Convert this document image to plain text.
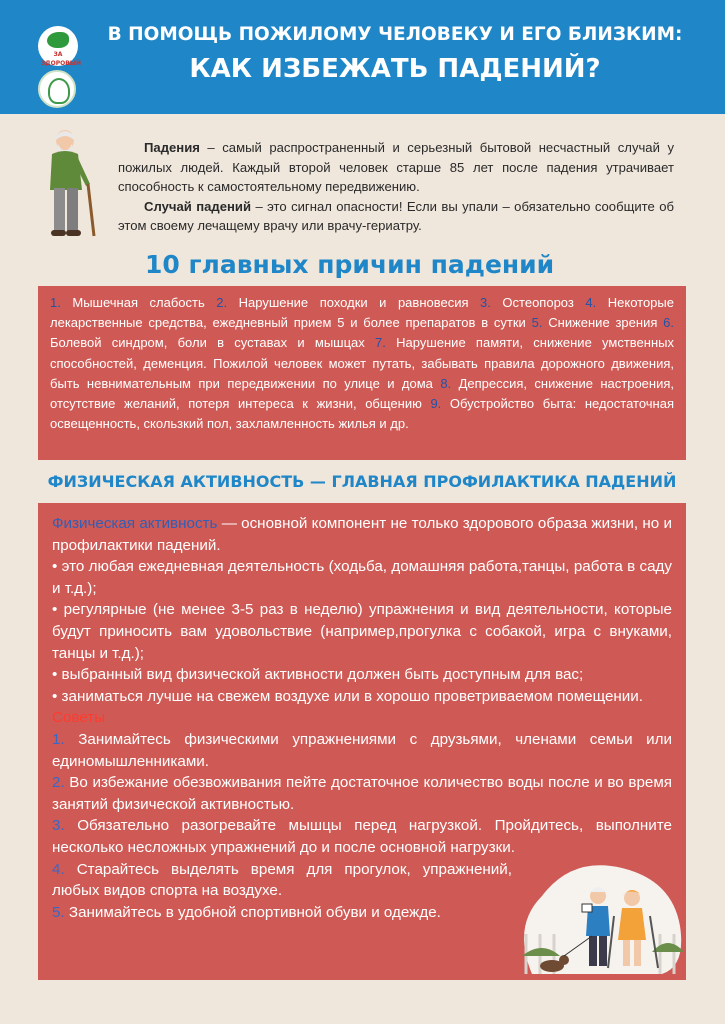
ЗА ЗДОРОВЫЙ
В ПОМОЩЬ ПОЖИЛОМУ ЧЕЛОВЕКУ И ЕГО БЛИЗКИМ:
КАК ИЗБЕЖАТЬ ПАДЕНИЙ?

Падения – самый распространенный и серьезный бытовой несчастный случай у пожилых людей. Каждый второй человек старше 85 лет после падения утрачивает способность к самостоятельному передвижению.

Случай падений – это сигнал опасности! Если вы упали – обязательно сообщите об этом своему лечащему врачу или врачу-гериатру.

10 главных причин падений
1. Мышечная слабость 2. Нарушение походки и равновесия 3. Остеопороз 4. Некоторые лекарственные средства, ежедневный прием 5 и более препаратов в сутки 5. Снижение зрения 6. Болевой синдром, боли в суставах и мышцах 7. Нарушение памяти, снижение умственных способностей, деменция. Пожилой человек может путать, забывать правила дорожного движения, быть невнимательным при передвижении по улице и дома 8. Депрессия, снижение настроения, отсутствие желаний, потеря интереса к жизни, общению 9. Обустройство быта: недостаточная освещенность, скользкий пол, захламленность жилья и др.
ФИЗИЧЕСКАЯ АКТИВНОСТЬ — ГЛАВНАЯ ПРОФИЛАКТИКА ПАДЕНИЙ
Физическая активность — основной компонент не только здорового образа жизни, но и профилактики падений.
• это любая ежедневная деятельность (ходьба, домашняя работа,танцы, работа в саду и т.д.);
• регулярные (не менее 3-5 раз в неделю) упражнения и вид деятельности, которые будут приносить вам удовольствие (например,прогулка с собакой, игра с внуками, танцы и т.д.);
• выбранный вид физической активности должен быть доступным для вас;
• заниматься лучше на свежем воздухе или в хорошо проветриваемом помещении.
Советы
1. Занимайтесь физическими упражнениями с друзьями, членами семьи или единомышленниками.
2. Во избежание обезвоживания пейте достаточное количество воды после и во время занятий физической активностью.
3. Обязательно разогревайте мышцы перед нагрузкой. Пройдитесь, выполните несколько несложных упражнений до и после основной нагрузки.
4. Старайтесь выделять время для прогулок, упражнений, любых видов спорта на воздухе.
5. Занимайтесь в удобной спортивной обуви и одежде.
